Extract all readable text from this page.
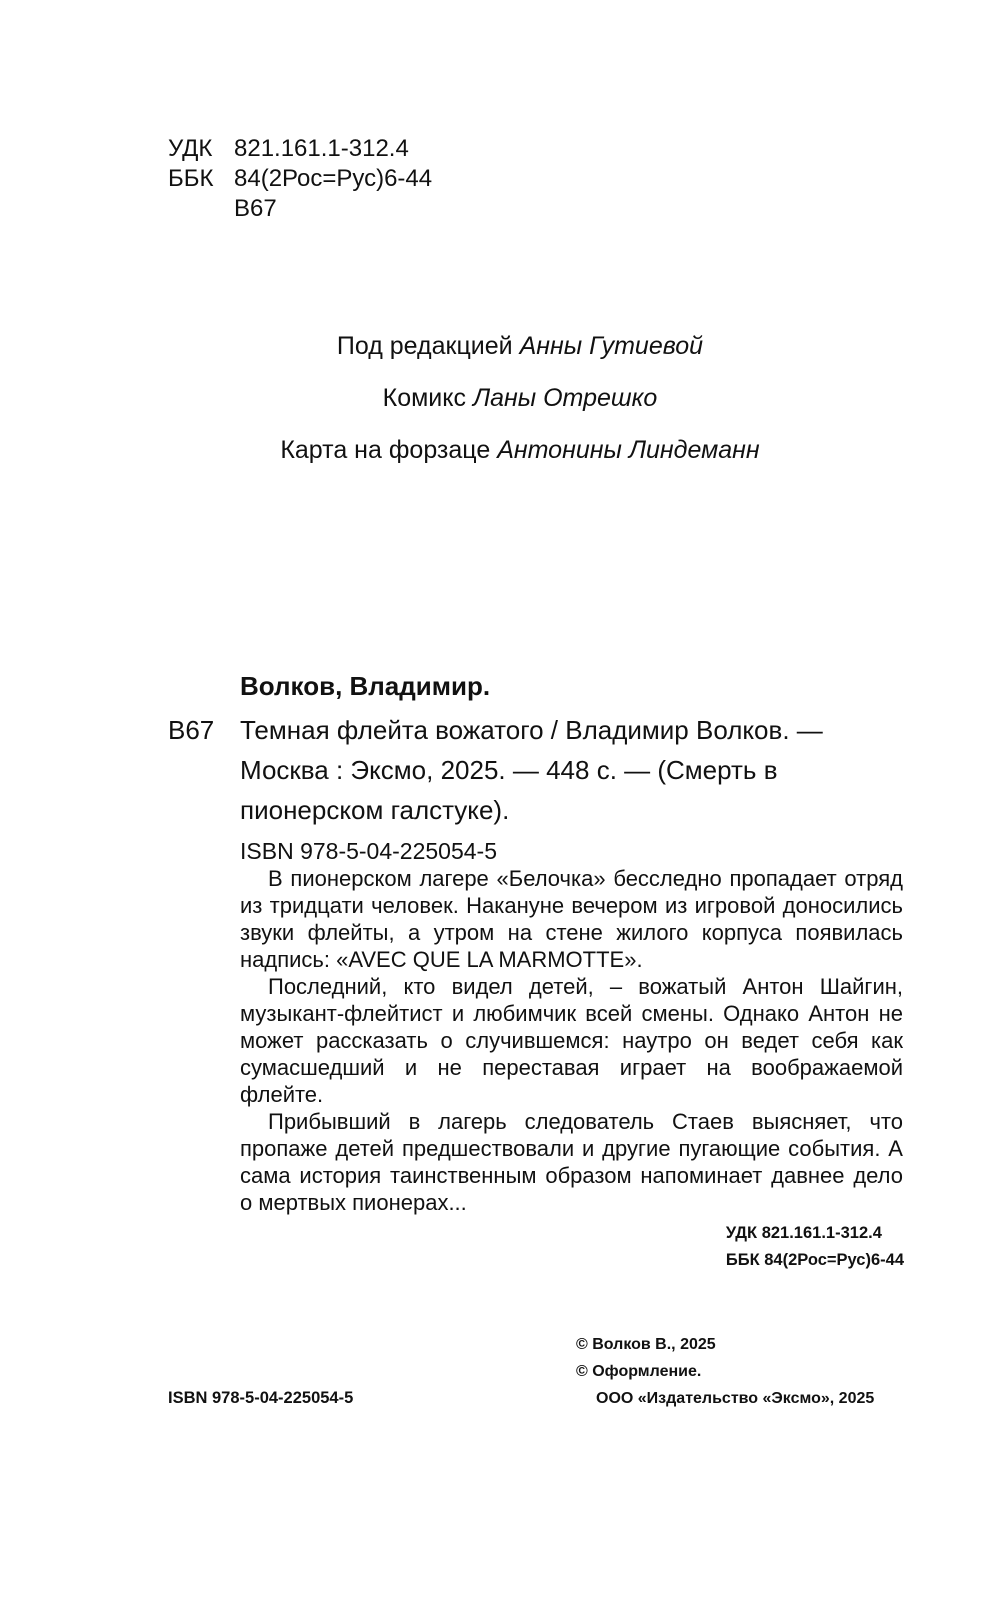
УДК 821.161.1-312.4
ББК 84(2Рос=Рус)6-44
В67
Под редакцией Анны Гутиевой
Комикс Ланы Отрешко
Карта на форзаце Антонины Линдеманн
Волков, Владимир.
В67 Темная флейта вожатого / Владимир Волков. — Москва : Эксмо, 2025. — 448 с. — (Смерть в пионерском галстуке).
ISBN 978-5-04-225054-5

В пионерском лагере «Белочка» бесследно пропадает отряд из тридцати человек. Накануне вечером из игровой доносились звуки флейты, а утром на стене жилого корпуса появилась надпись: «AVEC QUE LA MARMOTTE».

Последний, кто видел детей, – вожатый Антон Шайгин, музыкант-флейтист и любимчик всей смены. Однако Антон не может рассказать о случившемся: наутро он ведет себя как сумасшедший и не переставая играет на воображаемой флейте.

Прибывший в лагерь следователь Стаев выясняет, что пропаже детей предшествовали и другие пугающие события. А сама история таинственным образом напоминает давнее дело о мертвых пионерах...

УДК 821.161.1-312.4
ББК 84(2Рос=Рус)6-44
© Волков В., 2025
© Оформление.
ООО «Издательство «Эксмо», 2025
ISBN 978-5-04-225054-5
